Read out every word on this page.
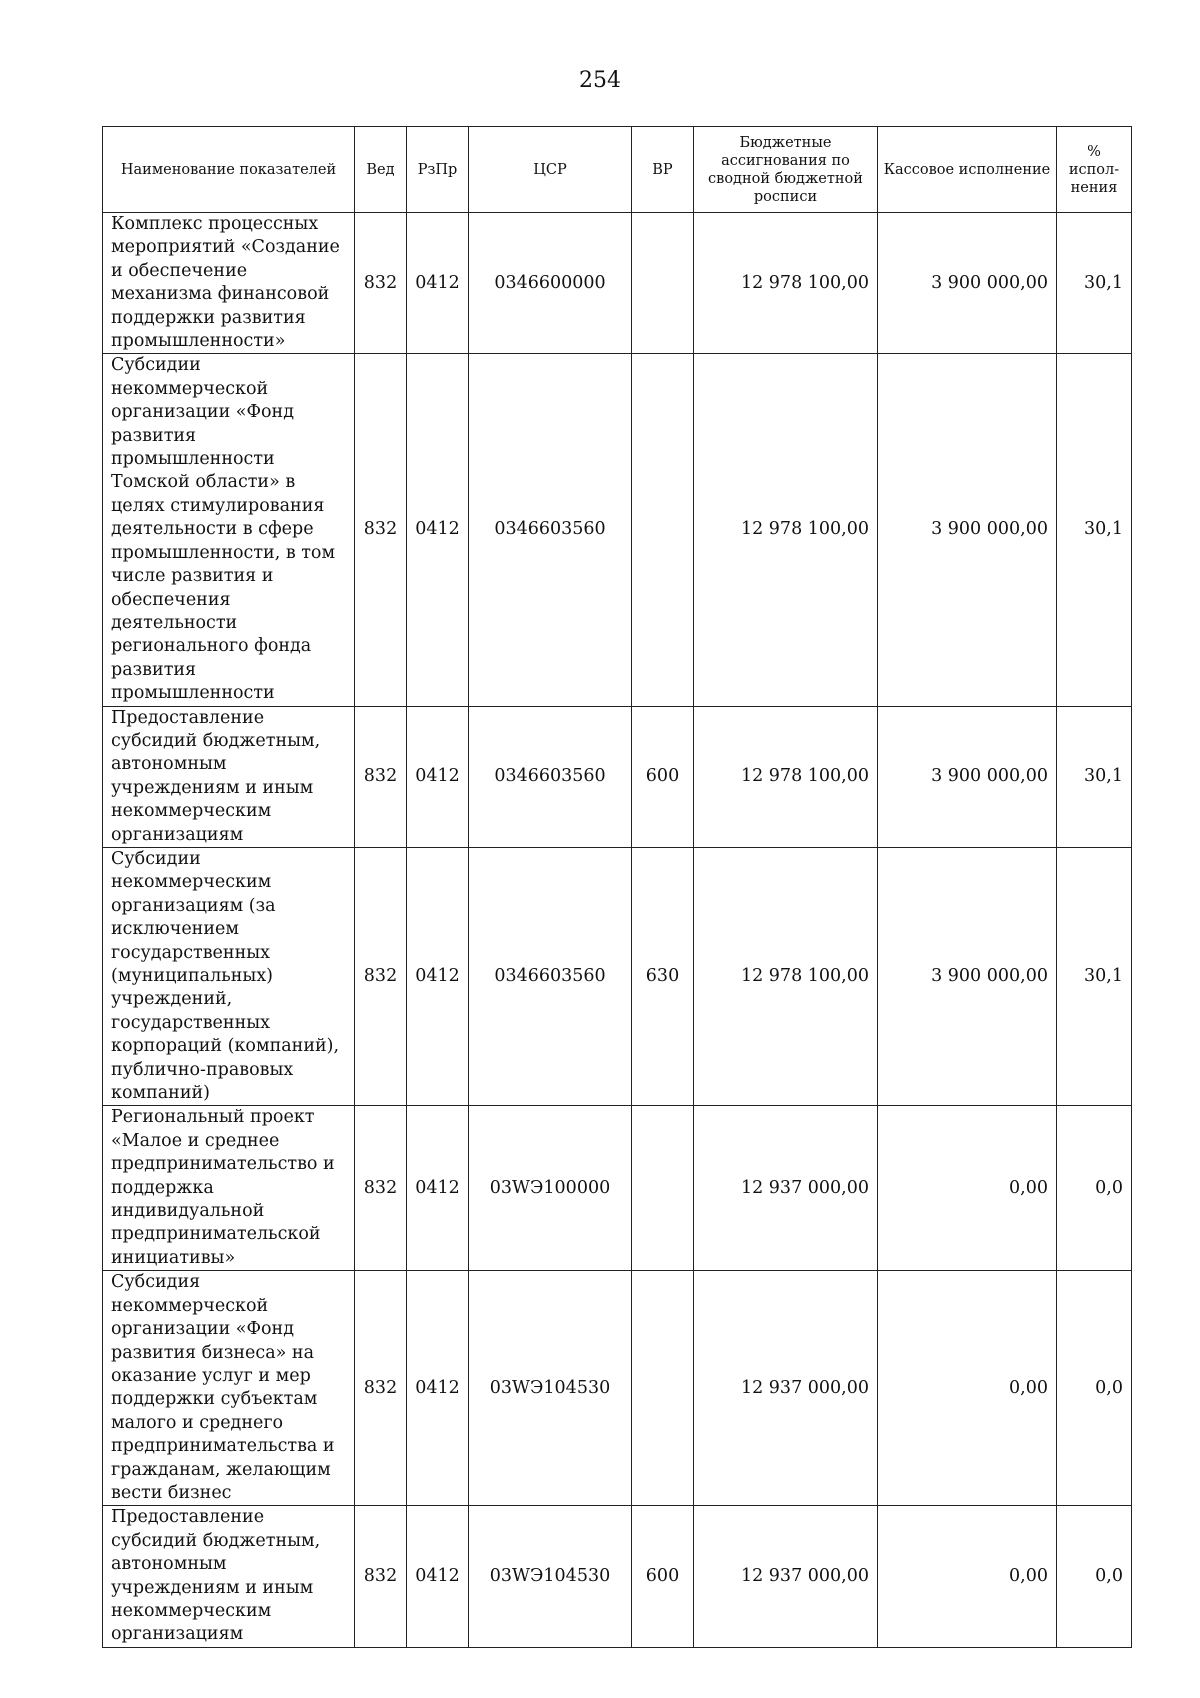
254
Наименование показателей	Вед	РзПр	ЦСР	ВР	Бюджетные ассигнования по сводной бюджетной росписи	Кассовое исполнение	% испол-нения
Комплекс процессных мероприятий «Создание и обеспечение механизма финансовой поддержки развития промышленности»	832	0412	0346600000		12 978 100,00	3 900 000,00	30,1
Субсидии некоммерческой организации «Фонд развития промышленности Томской области» в целях стимулирования деятельности в сфере промышленности, в том числе развития и обеспечения деятельности регионального фонда развития промышленности	832	0412	0346603560		12 978 100,00	3 900 000,00	30,1
Предоставление субсидий бюджетным, автономным учреждениям и иным некоммерческим организациям	832	0412	0346603560	600	12 978 100,00	3 900 000,00	30,1
Субсидии некоммерческим организациям (за исключением государственных (муниципальных) учреждений, государственных корпораций (компаний), публично-правовых компаний)	832	0412	0346603560	630	12 978 100,00	3 900 000,00	30,1
Региональный проект «Малое и среднее предпринимательство и поддержка индивидуальной предпринимательской инициативы»	832	0412	03WЭ100000		12 937 000,00	0,00	0,0
Субсидия некоммерческой организации «Фонд развития бизнеса» на оказание услуг и мер поддержки субъектам малого и среднего предпринимательства и гражданам, желающим вести бизнес	832	0412	03WЭ104530		12 937 000,00	0,00	0,0
Предоставление субсидий бюджетным, автономным учреждениям и иным некоммерческим организациям	832	0412	03WЭ104530	600	12 937 000,00	0,00	0,0
